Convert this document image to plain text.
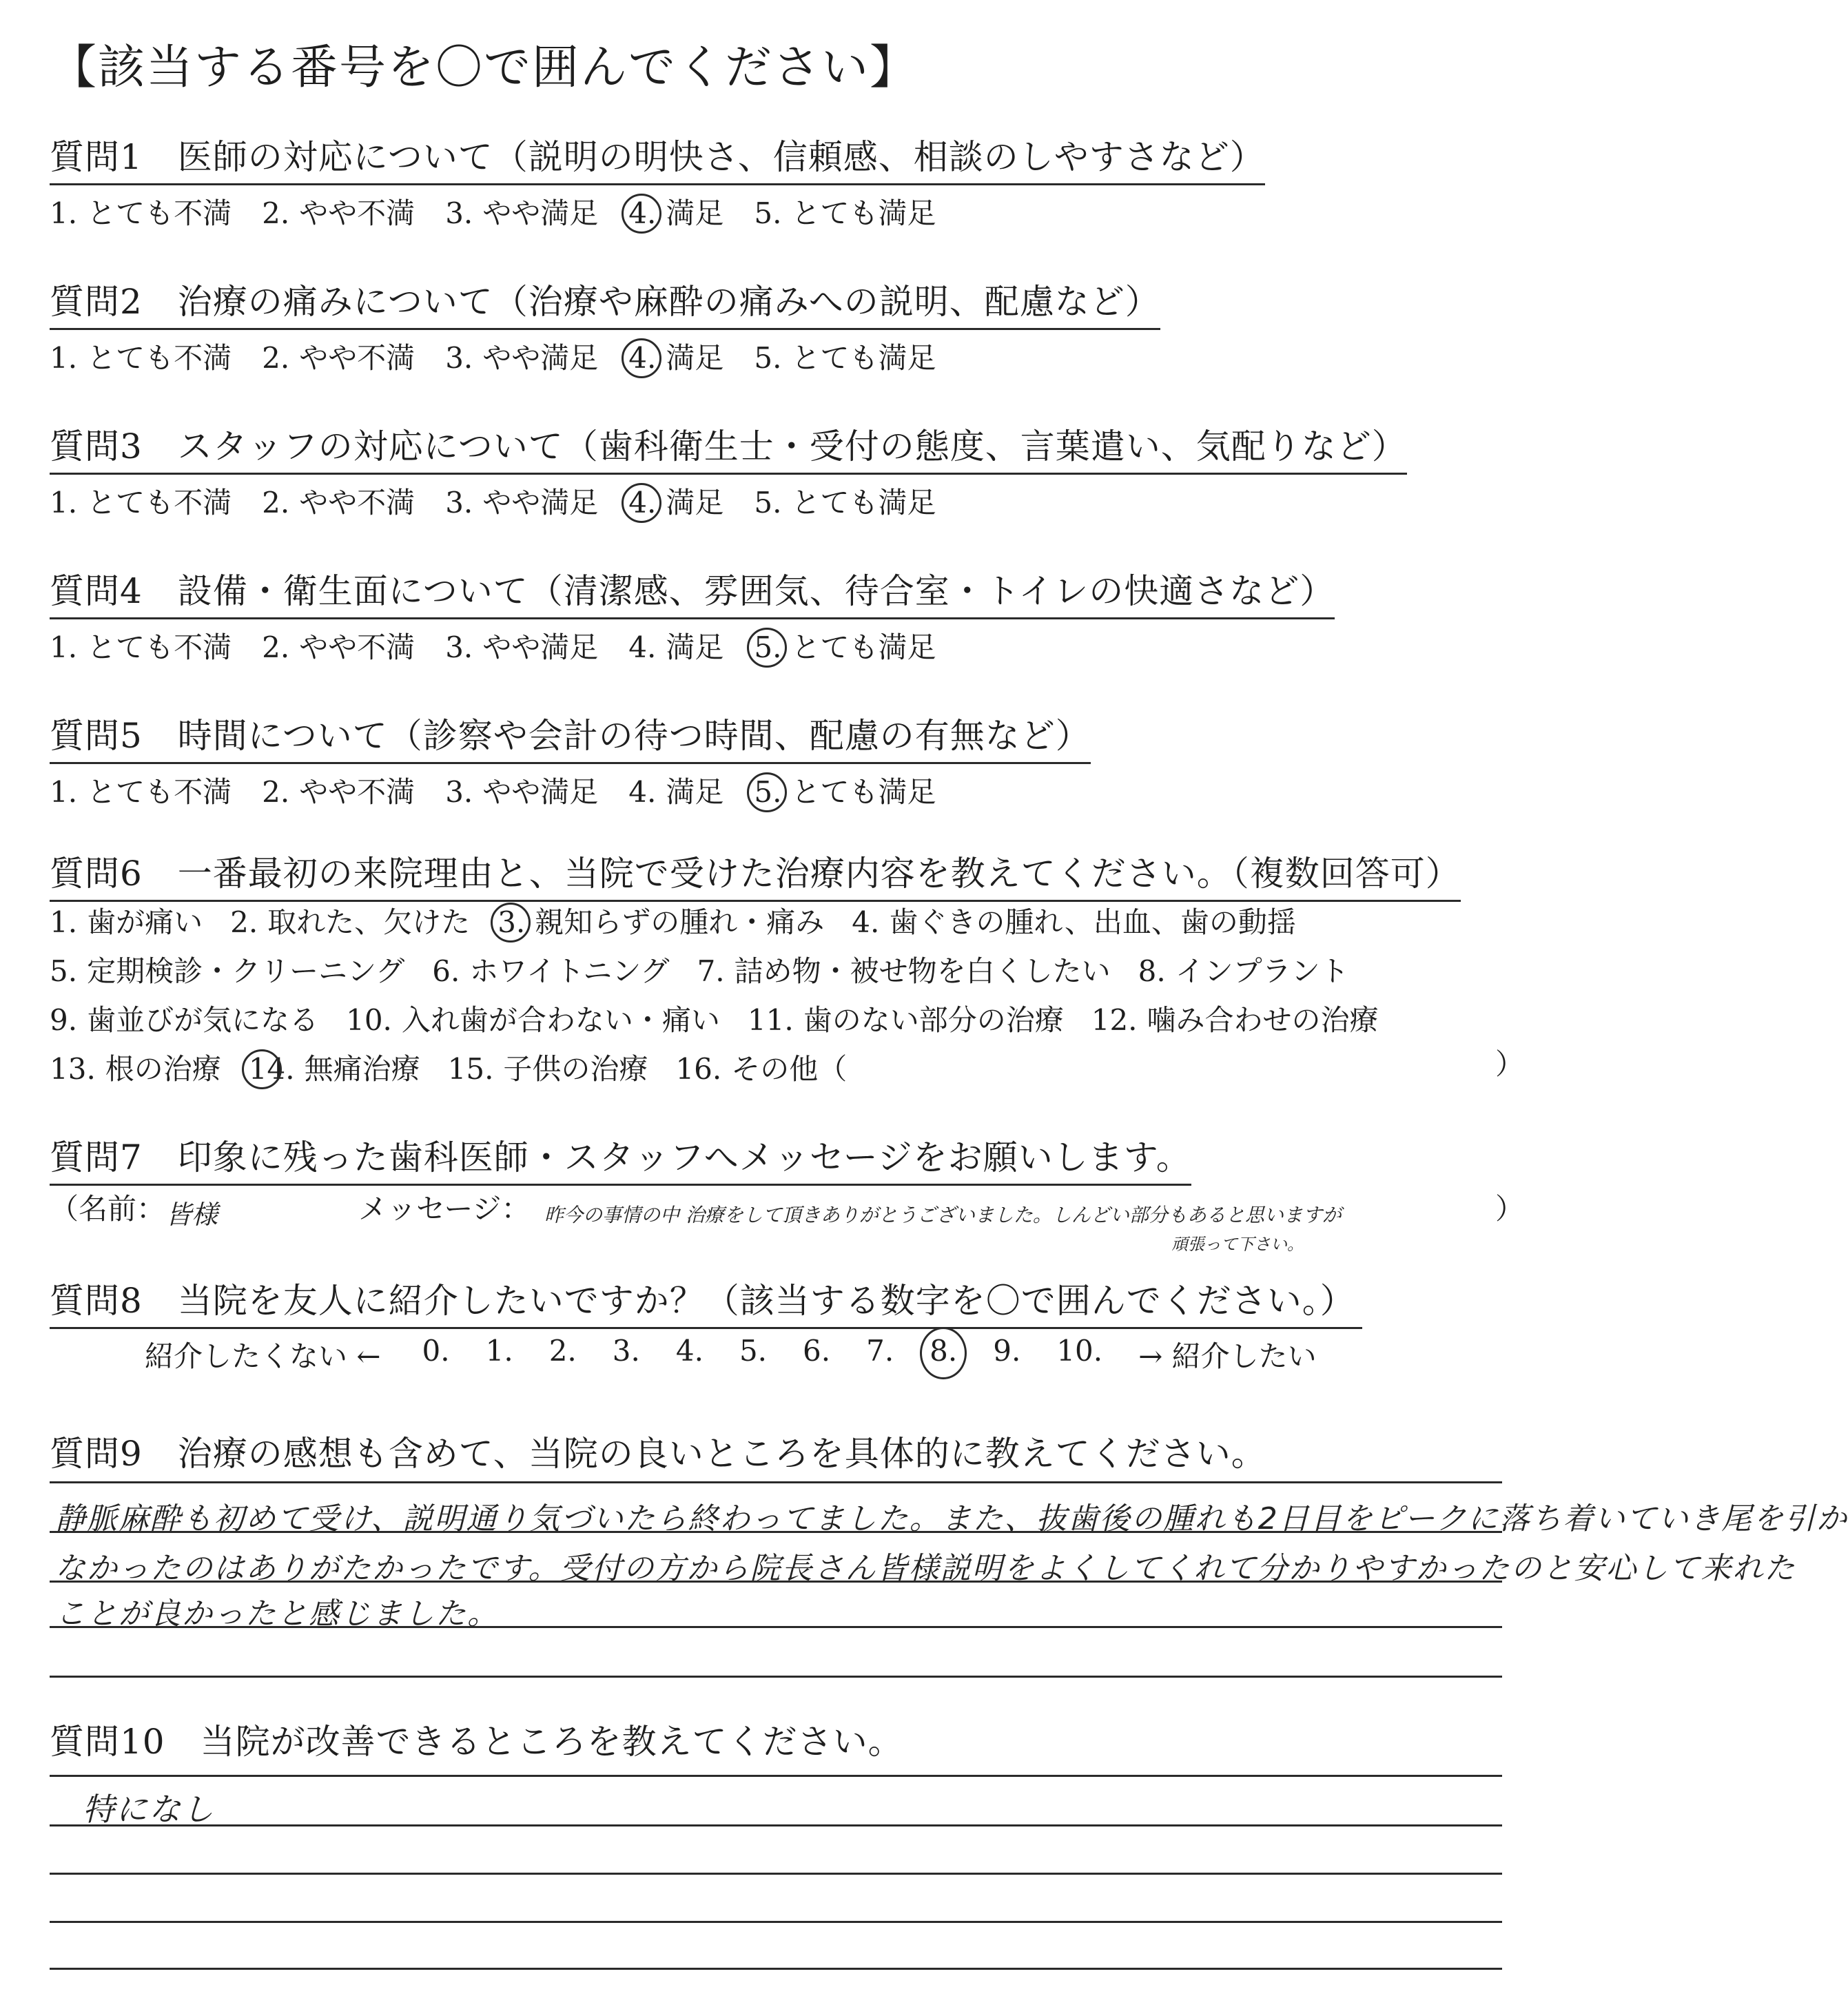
【該当する番号を〇で囲んでください】
質問1　医師の対応について（説明の明快さ、信頼感、相談のしやすさなど）
1. とても不満 2. やや不満 3. やや満足 4. 満足 5. とても満足
質問2　治療の痛みについて（治療や麻酔の痛みへの説明、配慮など）
1. とても不満 2. やや不満 3. やや満足 4. 満足 5. とても満足
質問3　スタッフの対応について（歯科衛生士・受付の態度、言葉遣い、気配りなど）
1. とても不満 2. やや不満 3. やや満足 4. 満足 5. とても満足
質問4　設備・衛生面について（清潔感、雰囲気、待合室・トイレの快適さなど）
1. とても不満 2. やや不満 3. やや満足 4. 満足 5. とても満足
質問5　時間について（診察や会計の待つ時間、配慮の有無など）
1. とても不満 2. やや不満 3. やや満足 4. 満足 5. とても満足
質問6　一番最初の来院理由と、当院で受けた治療内容を教えてください。（複数回答可）
1. 歯が痛い 2. 取れた、欠けた 3. 親知らずの腫れ・痛み 4. 歯ぐきの腫れ、出血、歯の動揺
5. 定期検診・クリーニング 6. ホワイトニング 7. 詰め物・被せ物を白くしたい 8. インプラント
9. 歯並びが気になる 10. 入れ歯が合わない・痛い 11. 歯のない部分の治療 12. 噛み合わせの治療
13. 根の治療 14. 無痛治療 15. 子供の治療 16. その他（	）
質問7　印象に残った歯科医師・スタッフへメッセージをお願いします。
（名前： 皆様	メッセージ： 昨今の事情の中 治療をして頂きありがとうございました。しんどい部分もあると思いますが
頑張って下さい。
）
質問8　当院を友人に紹介したいですか？（該当する数字を〇で囲んでください。）
紹介したくない ← 0. 1. 2. 3. 4. 5. 6. 7. 8. 9. 10. → 紹介したい
質問9　治療の感想も含めて、当院の良いところを具体的に教えてください。
静脈麻酔も初めて受け、説明通り気づいたら終わってました。また、抜歯後の腫れも2日目をピークに落ち着いていき尾を引か
なかったのはありがたかったです。受付の方から院長さん皆様説明をよくしてくれて分かりやすかったのと安心して来れた
ことが良かったと感じました。
質問10　当院が改善できるところを教えてください。
特になし
